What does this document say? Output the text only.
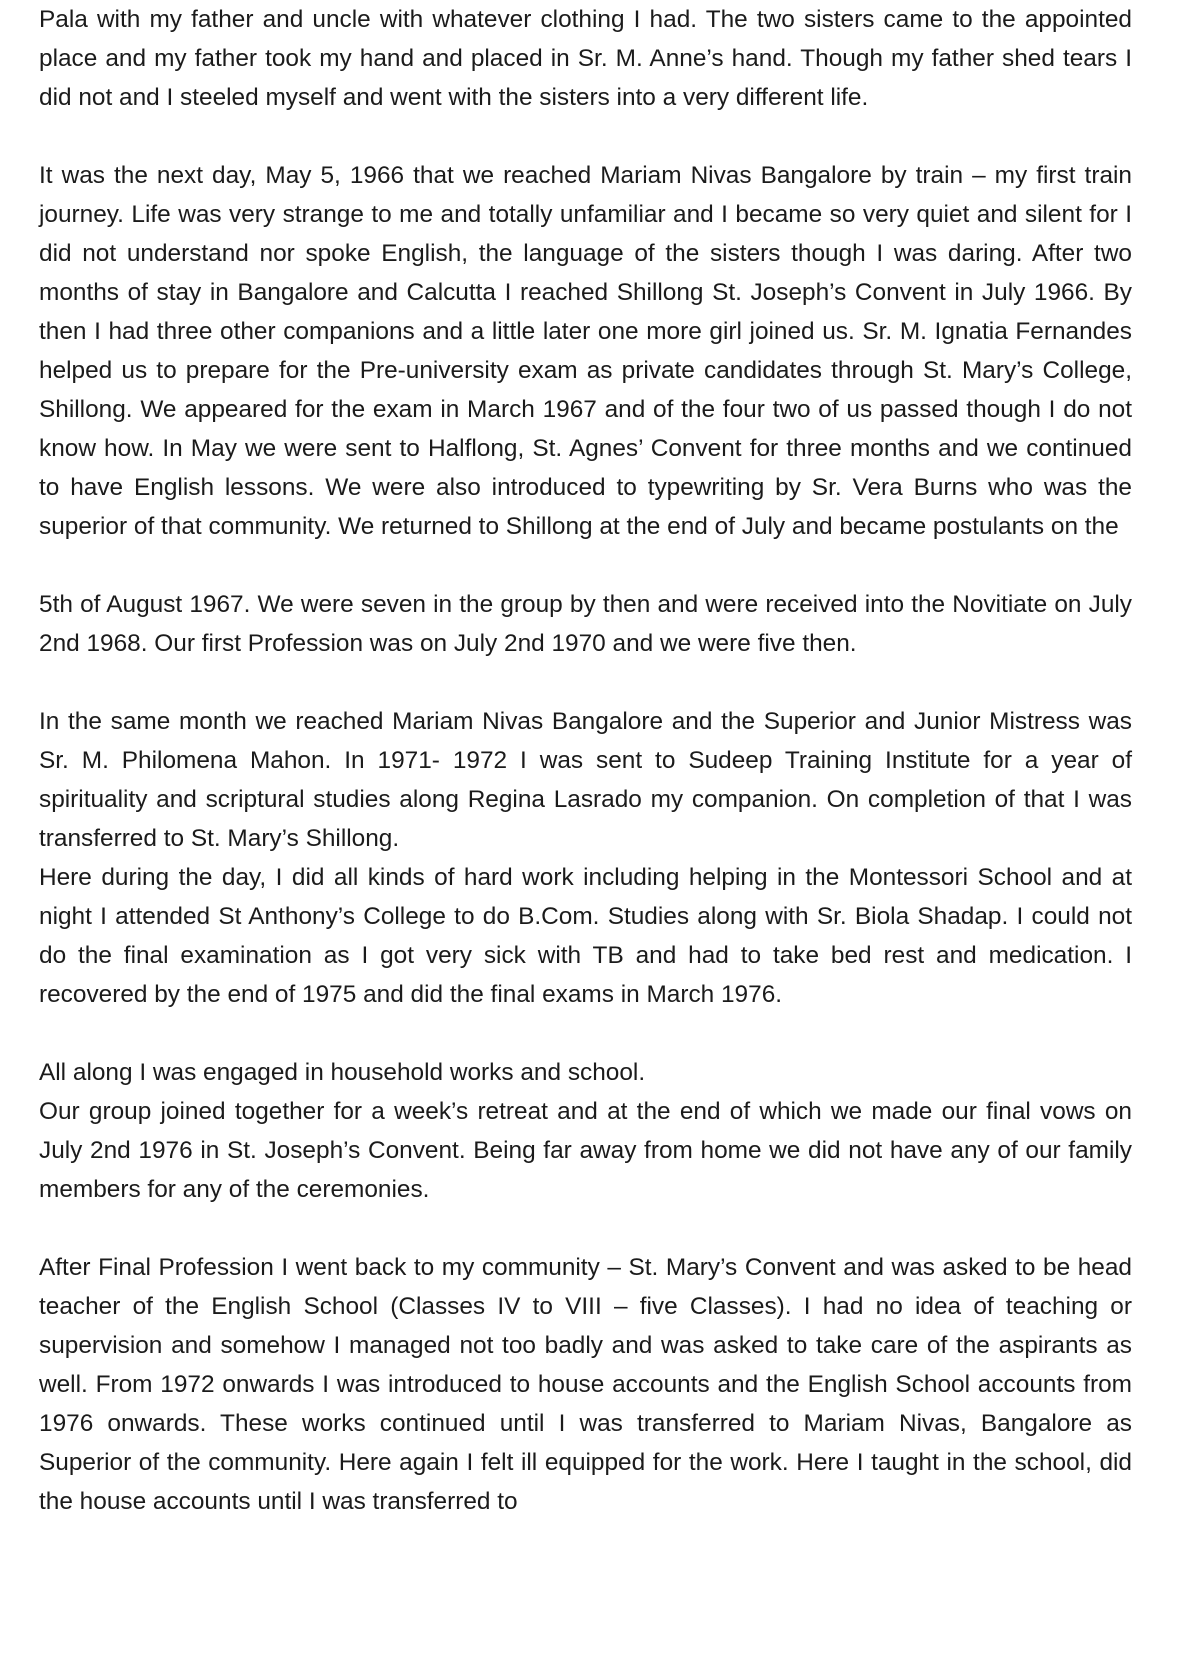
Pala with my father and uncle with whatever clothing I had. The two sisters came to the appointed place and my father took my hand and placed in Sr. M. Anne’s hand. Though my father shed tears I did not and I steeled myself and went with the sisters into a very different life.

It was the next day, May 5, 1966 that we reached Mariam Nivas Bangalore by train – my first train journey. Life was very strange to me and totally unfamiliar and I became so very quiet and silent for I did not understand nor spoke English, the language of the sisters though I was daring. After two months of stay in Bangalore and Calcutta I reached Shillong St. Joseph’s Convent in July 1966. By then I had three other companions and a little later one more girl joined us. Sr. M. Ignatia Fernandes helped us to prepare for the Pre-university exam as private candidates through St. Mary’s College, Shillong. We appeared for the exam in March 1967 and of the four two of us passed though I do not know how. In May we were sent to Halflong, St. Agnes’ Convent for three months and we continued to have English lessons. We were also introduced to typewriting by Sr. Vera Burns who was the superior of that community. We returned to Shillong at the end of July and became postulants on the

5th of August 1967. We were seven in the group by then and were received into the Novitiate on July 2nd 1968. Our first Profession was on July 2nd 1970 and we were five then.

In the same month we reached Mariam Nivas Bangalore and the Superior and Junior Mistress was Sr. M. Philomena Mahon. In 1971- 1972 I was sent to Sudeep Training Institute for a year of spirituality and scriptural studies along Regina Lasrado my companion. On completion of that I was transferred to St. Mary’s Shillong.

Here during the day, I did all kinds of hard work including helping in the Montessori School and at night I attended St Anthony’s College to do B.Com. Studies along with Sr. Biola Shadap. I could not do the final examination as I got very sick with TB and had to take bed rest and medication. I recovered by the end of 1975 and did the final exams in March 1976.

All along I was engaged in household works and school.

Our group joined together for a week’s retreat and at the end of which we made our final vows on July 2nd 1976 in St. Joseph’s Convent. Being far away from home we did not have any of our family members for any of the ceremonies.

After Final Profession I went back to my community – St. Mary’s Convent and was asked to be head teacher of the English School (Classes IV to VIII – five Classes). I had no idea of teaching or supervision and somehow I managed not too badly and was asked to take care of the aspirants as well. From 1972 onwards I was introduced to house accounts and the English School accounts from 1976 onwards. These works continued until I was transferred to Mariam Nivas, Bangalore as Superior of the community. Here again I felt ill equipped for the work. Here I taught in the school, did the house accounts until I was transferred to
